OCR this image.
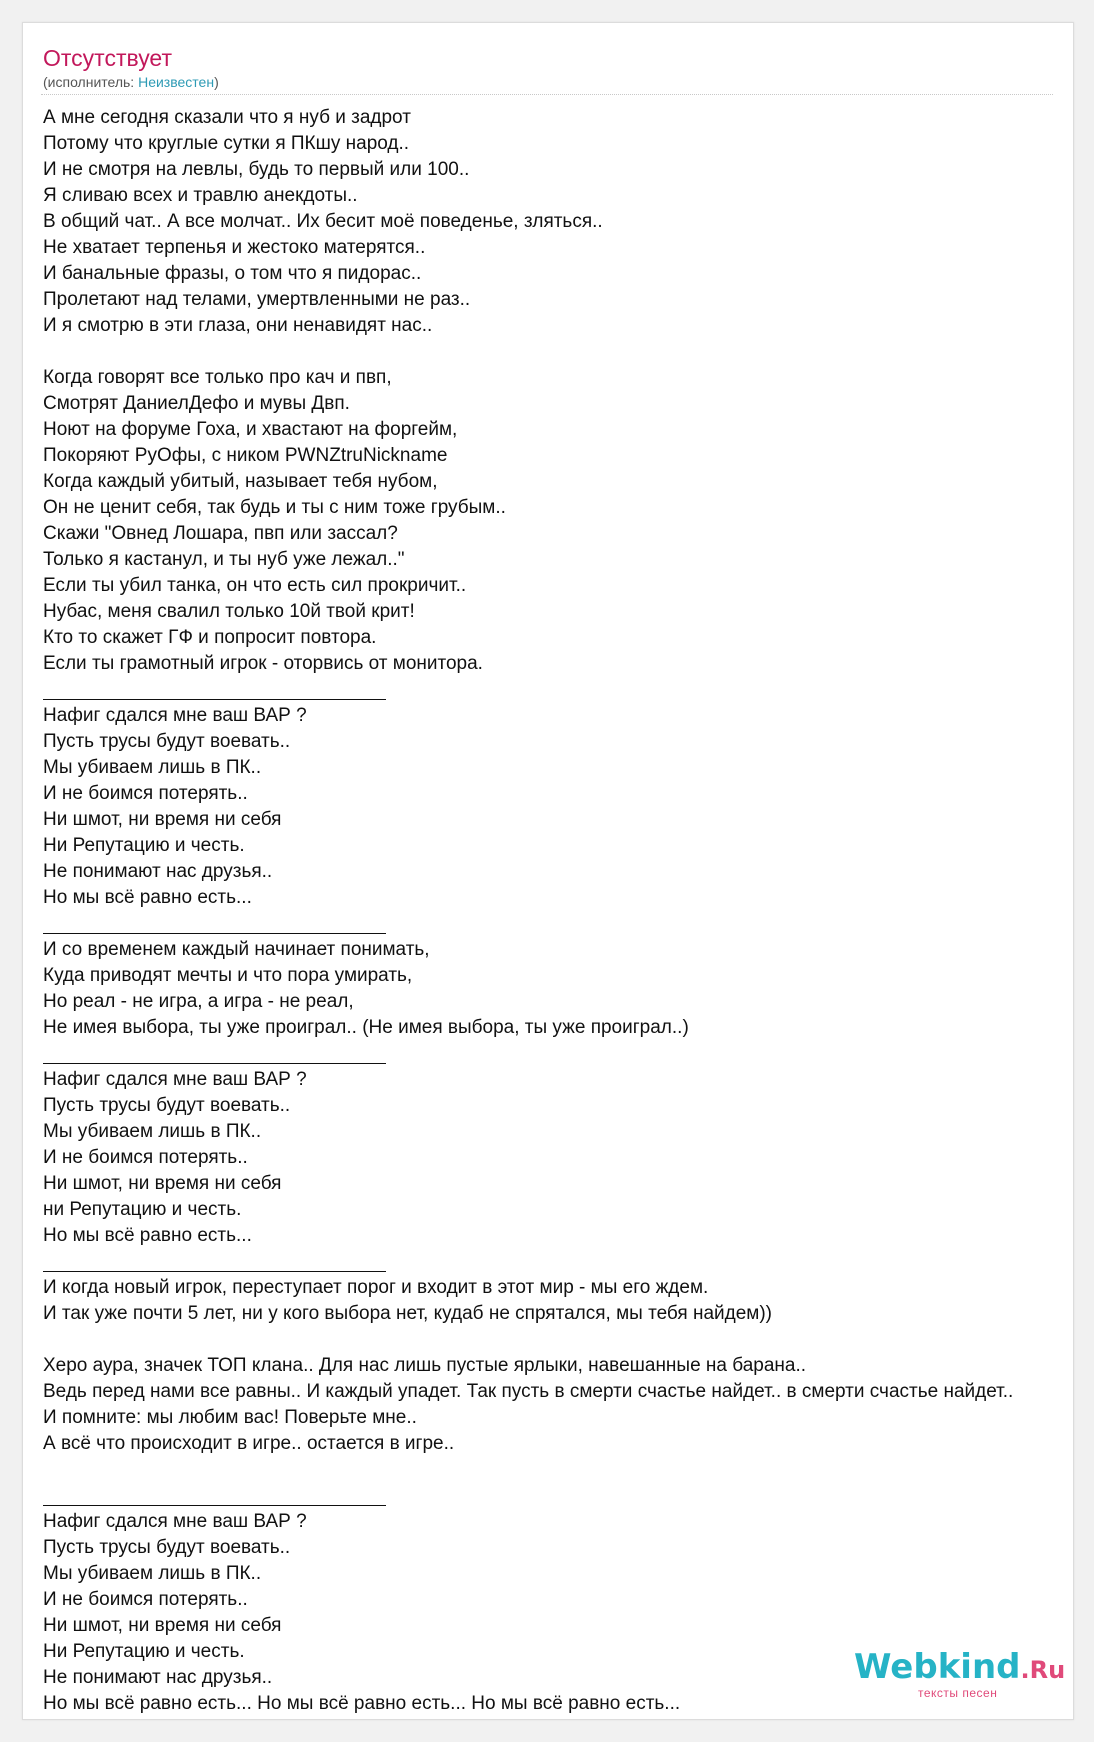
Отсутствует
(исполнитель: Неизвестен)
А мне сегодня сказали что я нуб и задрот
Потому что круглые сутки я ПКшу народ..
И не смотря на левлы, будь то первый или 100..
Я сливаю всех и травлю анекдоты..
В общий чат.. А все молчат.. Их бесит моё поведенье, зляться..
Не хватает терпенья и жестоко матерятся..
И банальные фразы, о том что я пидорас..
Пролетают над телами, умертвленными не раз..
И я смотрю в эти глаза, они ненавидят нас..
Когда говорят все только про кач и пвп,
Смотрят ДаниелДефо и мувы Двп.
Ноют на форуме Гоха, и хвастают на форгейм,
Покоряют РуОфы, с ником PWNZtruNickname
Когда каждый убитый, называет тебя нубом,
Он не ценит себя, так будь и ты с ним тоже грубым..
Скажи "Овнед Лошара, пвп или зассал?
Только я кастанул, и ты нуб уже лежал.."
Если ты убил танка, он что есть сил прокричит..
Нубас, меня свалил только 10й твой крит!
Кто то скажет ГФ и попросит повтора.
Если ты грамотный игрок - оторвись от монитора.
Нафиг сдался мне ваш ВАР ?
Пусть трусы будут воевать..
Мы убиваем лишь в ПК..
И не боимся потерять..
Ни шмот, ни время ни себя
Ни Репутацию и честь.
Не понимают нас друзья..
Но мы всё равно есть...
И со временем каждый начинает понимать,
Куда приводят мечты и что пора умирать,
Но реал - не игра, а игра - не реал,
Не имея выбора, ты уже проиграл.. (Не имея выбора, ты уже проиграл..)
Нафиг сдался мне ваш ВАР ?
Пусть трусы будут воевать..
Мы убиваем лишь в ПК..
И не боимся потерять..
Ни шмот, ни время ни себя
ни Репутацию и честь.
Но мы всё равно есть...
И когда новый игрок, переступает порог и входит в этот мир - мы его ждем.
И так уже почти 5 лет, ни у кого выбора нет, кудаб не спрятался, мы тебя найдем))
Херо аура, значек ТОП клана.. Для нас лишь пустые ярлыки, навешанные на барана..
Ведь перед нами все равны.. И каждый упадет. Так пусть в смерти счастье найдет.. в смерти счастье найдет..
И помните: мы любим вас! Поверьте мне..
А всё что происходит в игре.. остается в игре..
Нафиг сдался мне ваш ВАР ?
Пусть трусы будут воевать..
Мы убиваем лишь в ПК..
И не боимся потерять..
Ни шмот, ни время ни себя
Ни Репутацию и честь.
Не понимают нас друзья..
Но мы всё равно есть... Но мы всё равно есть... Но мы всё равно есть...
Webkind.Ru
тексты песен
